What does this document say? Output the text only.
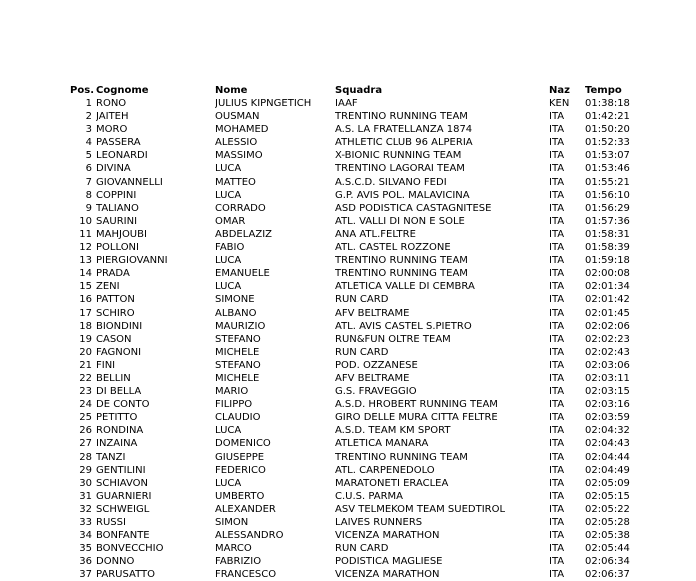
Pos.	Cognome	Nome	Squadra	Naz	Tempo
1	RONO	JULIUS KIPNGETICH	IAAF	KEN	01:38:18
2	JAITEH	OUSMAN	TRENTINO RUNNING TEAM	ITA	01:42:21
3	MORO	MOHAMED	A.S. LA FRATELLANZA 1874	ITA	01:50:20
4	PASSERA	ALESSIO	ATHLETIC CLUB 96 ALPERIA	ITA	01:52:33
5	LEONARDI	MASSIMO	X-BIONIC RUNNING TEAM	ITA	01:53:07
6	DIVINA	LUCA	TRENTINO LAGORAI TEAM	ITA	01:53:46
7	GIOVANNELLI	MATTEO	A.S.C.D. SILVANO FEDI	ITA	01:55:21
8	COPPINI	LUCA	G.P. AVIS POL. MALAVICINA	ITA	01:56:10
9	TALIANO	CORRADO	ASD PODISTICA CASTAGNITESE	ITA	01:56:29
10	SAURINI	OMAR	ATL. VALLI DI NON E SOLE	ITA	01:57:36
11	MAHJOUBI	ABDELAZIZ	ANA ATL.FELTRE	ITA	01:58:31
12	POLLONI	FABIO	ATL. CASTEL ROZZONE	ITA	01:58:39
13	PIERGIOVANNI	LUCA	TRENTINO RUNNING TEAM	ITA	01:59:18
14	PRADA	EMANUELE	TRENTINO RUNNING TEAM	ITA	02:00:08
15	ZENI	LUCA	ATLETICA VALLE DI CEMBRA	ITA	02:01:34
16	PATTON	SIMONE	RUN CARD	ITA	02:01:42
17	SCHIRO	ALBANO	AFV BELTRAME	ITA	02:01:45
18	BIONDINI	MAURIZIO	ATL. AVIS CASTEL S.PIETRO	ITA	02:02:06
19	CASON	STEFANO	RUN&FUN OLTRE TEAM	ITA	02:02:23
20	FAGNONI	MICHELE	RUN CARD	ITA	02:02:43
21	FINI	STEFANO	POD. OZZANESE	ITA	02:03:06
22	BELLIN	MICHELE	AFV BELTRAME	ITA	02:03:11
23	DI BELLA	MARIO	G.S. FRAVEGGIO	ITA	02:03:15
24	DE CONTO	FILIPPO	A.S.D. HROBERT RUNNING TEAM	ITA	02:03:16
25	PETITTO	CLAUDIO	GIRO DELLE MURA CITTA FELTRE	ITA	02:03:59
26	RONDINA	LUCA	A.S.D. TEAM KM SPORT	ITA	02:04:32
27	INZAINA	DOMENICO	ATLETICA MANARA	ITA	02:04:43
28	TANZI	GIUSEPPE	TRENTINO RUNNING TEAM	ITA	02:04:44
29	GENTILINI	FEDERICO	ATL. CARPENEDOLO	ITA	02:04:49
30	SCHIAVON	LUCA	MARATONETI ERACLEA	ITA	02:05:09
31	GUARNIERI	UMBERTO	C.U.S. PARMA	ITA	02:05:15
32	SCHWEIGL	ALEXANDER	ASV TELMEKOM TEAM SUEDTIROL	ITA	02:05:22
33	RUSSI	SIMON	LAIVES RUNNERS	ITA	02:05:28
34	BONFANTE	ALESSANDRO	VICENZA MARATHON	ITA	02:05:38
35	BONVECCHIO	MARCO	RUN CARD	ITA	02:05:44
36	DONNO	FABRIZIO	PODISTICA MAGLIESE	ITA	02:06:34
37	PARUSATTO	FRANCESCO	VICENZA MARATHON	ITA	02:06:37
